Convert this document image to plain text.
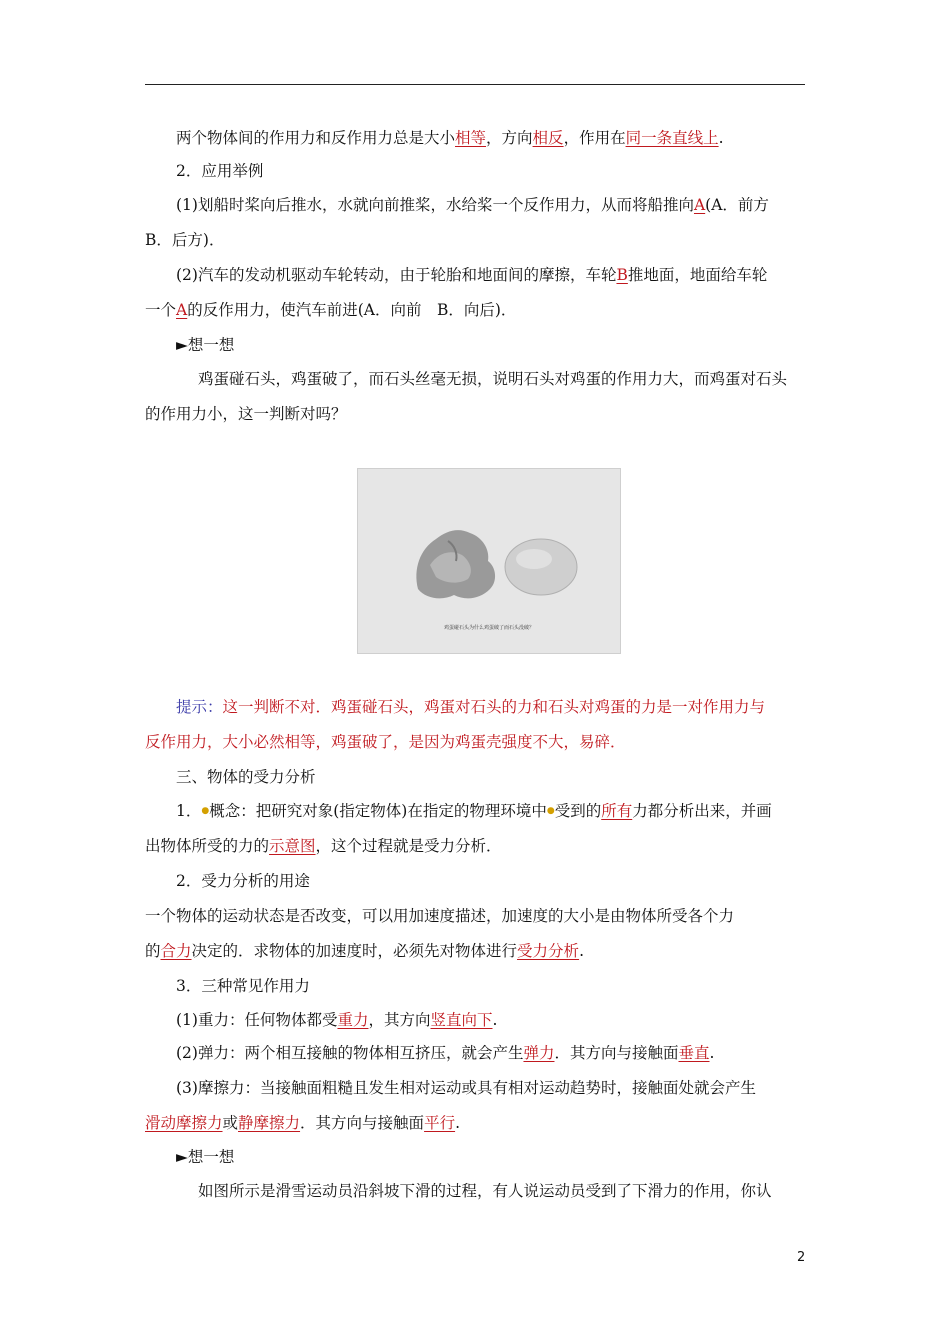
两个物体间的作用力和反作用力总是大小相等，方向相反，作用在同一条直线上.
2．应用举例
(1)划船时桨向后推水，水就向前推桨，水给桨一个反作用力，从而将船推向A(A．前方
B．后方)．
(2)汽车的发动机驱动车轮转动，由于轮胎和地面间的摩擦，车轮B推地面，地面给车轮
一个A的反作用力，使汽车前进(A．向前　B．向后)．
►想一想
鸡蛋碰石头，鸡蛋破了，而石头丝毫无损，说明石头对鸡蛋的作用力大，而鸡蛋对石头
的作用力小，这一判断对吗？
鸡蛋碰石头为什么鸡蛋破了而石头没破？
提示：这一判断不对．鸡蛋碰石头，鸡蛋对石头的力和石头对鸡蛋的力是一对作用力与
反作用力，大小必然相等，鸡蛋破了，是因为鸡蛋壳强度不大，易碎．
三、物体的受力分析
1．●概念：把研究对象(指定物体)在指定的物理环境中●受到的所有力都分析出来，并画
出物体所受的力的示意图，这个过程就是受力分析．
2．受力分析的用途
一个物体的运动状态是否改变，可以用加速度描述，加速度的大小是由物体所受各个力
的合力决定的．求物体的加速度时，必须先对物体进行受力分析.
3．三种常见作用力
(1)重力：任何物体都受重力，其方向竖直向下.
(2)弹力：两个相互接触的物体相互挤压，就会产生弹力．其方向与接触面垂直.
(3)摩擦力：当接触面粗糙且发生相对运动或具有相对运动趋势时，接触面处就会产生
滑动摩擦力或静摩擦力．其方向与接触面平行.
►想一想
如图所示是滑雪运动员沿斜坡下滑的过程，有人说运动员受到了下滑力的作用，你认
2
